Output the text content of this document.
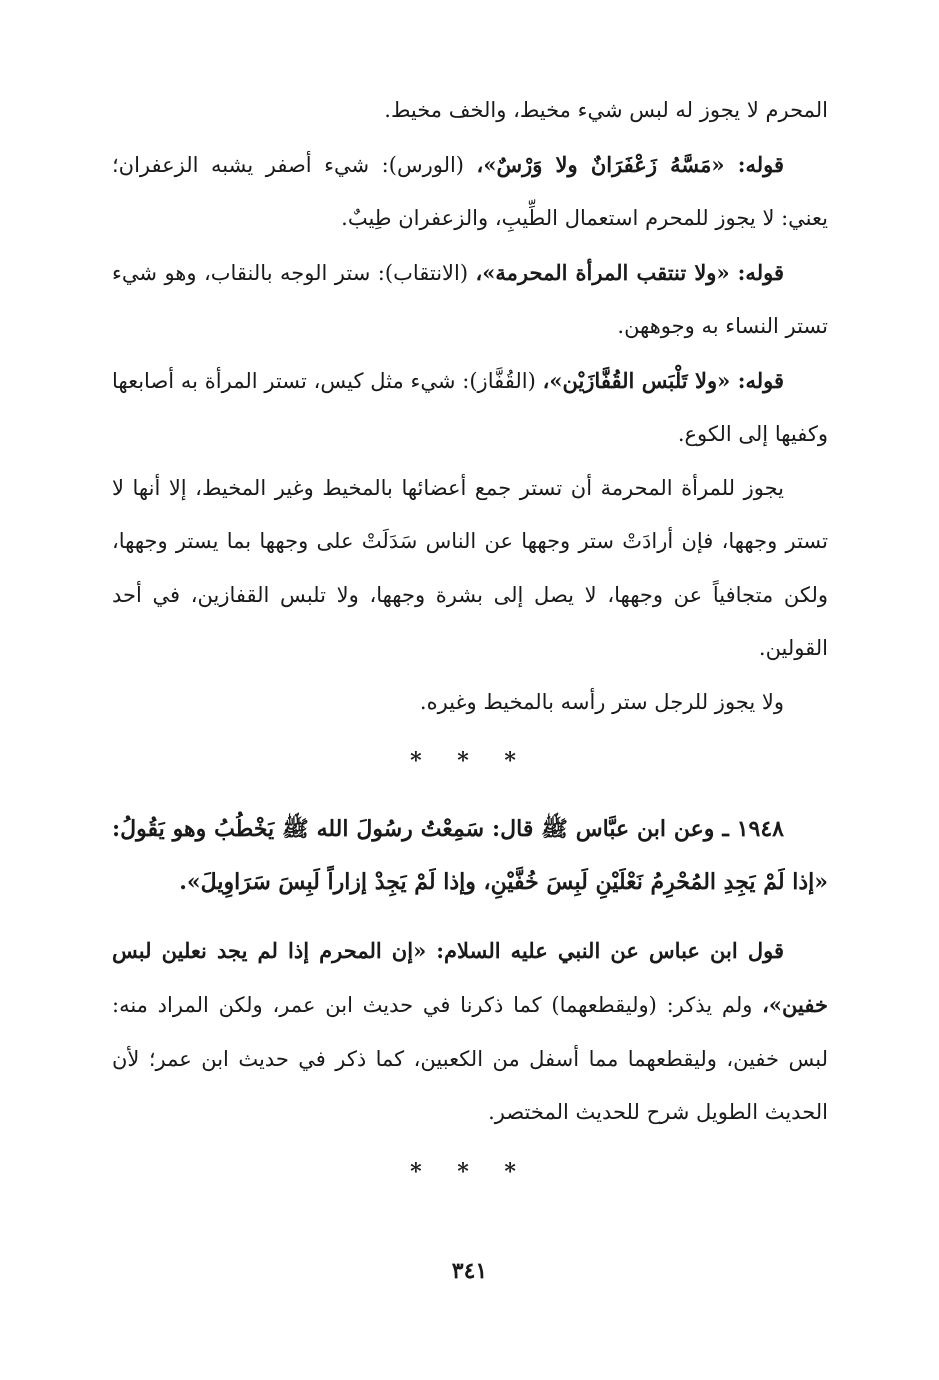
المحرم لا يجوز له لبس شيء مخيط، والخف مخيط.

قوله: «مَسَّهُ زَعْفَرَانٌ ولا وَرْسٌ»، (الورس): شيء أصفر يشبه الزعفران؛ يعني: لا يجوز للمحرم استعمال الطِّيبِ، والزعفران طِيبٌ.

قوله: «ولا تنتقب المرأة المحرمة»، (الانتقاب): ستر الوجه بالنقاب، وهو شيء تستر النساء به وجوههن.

قوله: «ولا تَلْبَس القُفَّازَيْن»، (القُفَّاز): شيء مثل كيس، تستر المرأة به أصابعها وكفيها إلى الكوع.

يجوز للمرأة المحرمة أن تستر جمع أعضائها بالمخيط وغير المخيط، إلا أنها لا تستر وجهها، فإن أرادَتْ ستر وجهها عن الناس سَدَلَتْ على وجهها بما يستر وجهها، ولكن متجافياً عن وجهها، لا يصل إلى بشرة وجهها، ولا تلبس القفازين، في أحد القولين.

ولا يجوز للرجل ستر رأسه بالمخيط وغيره.

* * *

١٩٤٨ ـ وعن ابن عبَّاس ﷺ قال: سَمِعْتُ رسُولَ الله ﷺ يَخْطُبُ وهو يَقُولُ: «إذا لَمْ يَجِدِ المُحْرِمُ نَعْلَيْنِ لَبِسَ خُفَّيْنِ، وإذا لَمْ يَجِدْ إزاراً لَبِسَ سَرَاوِيلَ».

قول ابن عباس عن النبي عليه السلام: «إن المحرم إذا لم يجد نعلين لبس خفين»، ولم يذكر: (وليقطعهما) كما ذكرنا في حديث ابن عمر، ولكن المراد منه: لبس خفين، وليقطعهما مما أسفل من الكعبين، كما ذكر في حديث ابن عمر؛ لأن الحديث الطويل شرح للحديث المختصر.

* * *
٣٤١
